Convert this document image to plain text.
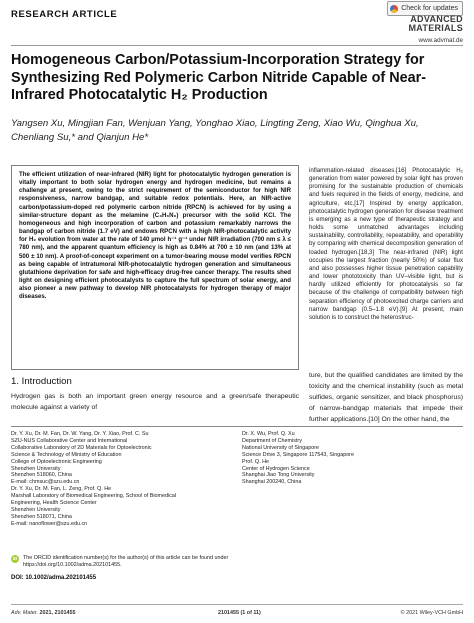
RESEARCH ARTICLE
Check for updates
ADVANCED
MATERIALS
www.advmat.de
Homogeneous Carbon/Potassium-Incorporation Strategy for Synthesizing Red Polymeric Carbon Nitride Capable of Near-Infrared Photocatalytic H₂ Production
Yangsen Xu, Mingjian Fan, Wenjuan Yang, Yonghao Xiao, Lingting Zeng, Xiao Wu, Qinghua Xu, Chenliang Su,* and Qianjun He*
The efficient utilization of near-infrared (NIR) light for photocatalytic hydrogen generation is vitally important to both solar hydrogen energy and hydrogen medicine, but remains a challenge at present, owing to the strict requirement of the semiconductor for high NIR responsiveness, narrow bandgap, and suitable redox potentials. Here, an NIR-active carbon/potassium-doped red polymeric carbon nitride (RPCN) is achieved for by using a similar-structure dopant as the melamine (C₃H₆N₆) precursor with the solid KCl. The homogeneous and high incorporation of carbon and potassium remarkably narrows the bandgap of carbon nitride (1.7 eV) and endows RPCN with a high NIR-photocatalytic activity for H₂ evolution from water at the rate of 140 µmol h⁻¹ g⁻¹ under NIR irradiation (700 nm ≤ λ ≤ 780 nm), and the apparent quantum efficiency is high as 0.84% at 700 ± 10 nm (and 13% at 500 ± 10 nm). A proof-of-concept experiment on a tumor-bearing mouse model verifies RPCN as being capable of intratumoral NIR-photocatalytic hydrogen generation and simultaneous glutathione deprivation for safe and high-efficacy drug-free cancer therapy. The results shed light on designing efficient photocatalysts to capture the full spectrum of solar energy, and also pioneer a new pathway to develop NIR photocatalysts for hydrogen therapy of major diseases.
inflammation-related diseases.[16] Photocatalytic H₂ generation from water powered by solar light has proven promising for the sustainable production of chemicals and fuels required in the fields of energy, medicine, and agriculture, etc.[17] Inspired by energy application, photocatalytic hydrogen generation for disease treatment is emerging as a new type of therapeutic strategy and holds some unmatched advantages including sustainability, controllability, repeatability, and operability by comparing with chemical decomposition generation of loaded hydrogen.[18,3] The near-infrared (NIR) light occupies the largest fraction (nearly 50%) of solar flux and also possesses higher tissue penetration capability and lower phototoxicity than UV–visible light, but is hardly utilized efficiently for photocatalysis so far because of the challenge of compatibility between high separation efficiency of photoexcited charge carriers and narrow bandgap (0.5–1.8 eV).[9] At present, main solution is to construct the heterostruc-
1. Introduction
Hydrogen gas is both an important green energy resource and a green/safe therapeutic molecule against a variety of
ture, but the qualified candidates are limited by the toxicity and the chemical instability (such as metal sulfides, organic sensitizer, and black phosphorus) of narrow-bandgap materials that impede their further applications.[10] On the other hand, the
Dr. Y. Xu, Dr. M. Fan, Dr. W. Yang, Dr. Y. Xiao, Prof. C. Su
SZU-NUS Collaborative Center and International
Collaborative Laboratory of 2D Materials for Optoelectronic
Science & Technology of Ministry of Education
College of Optoelectronic Engineering
Shenzhen University
Shenzhen 518060, China
E-mail: chmsuc@szu.edu.cn
Dr. Y. Xu, Dr. M. Fan, L. Zeng, Prof. Q. He
Marshall Laboratory of Biomedical Engineering, School of Biomedical
Engineering, Health Science Center
Shenzhen University
Shenzhen 518071, China
E-mail: nanoflower@szu.edu.cn
Dr. X. Wu, Prof. Q. Xu
Department of Chemistry
National University of Singapore
Science Drive 3, Singapore 117543, Singapore
Prof. Q. He
Center of Hydrogen Science
Shanghai Jiao Tong University
Shanghai 200240, China
iD	The ORCID identification number(s) for the author(s) of this article can be found under https://doi.org/10.1002/adma.202101455.
DOI: 10.1002/adma.202101455
Adv. Mater. 2021, 2101455	2101455 (1 of 11)	© 2021 Wiley-VCH GmbH
